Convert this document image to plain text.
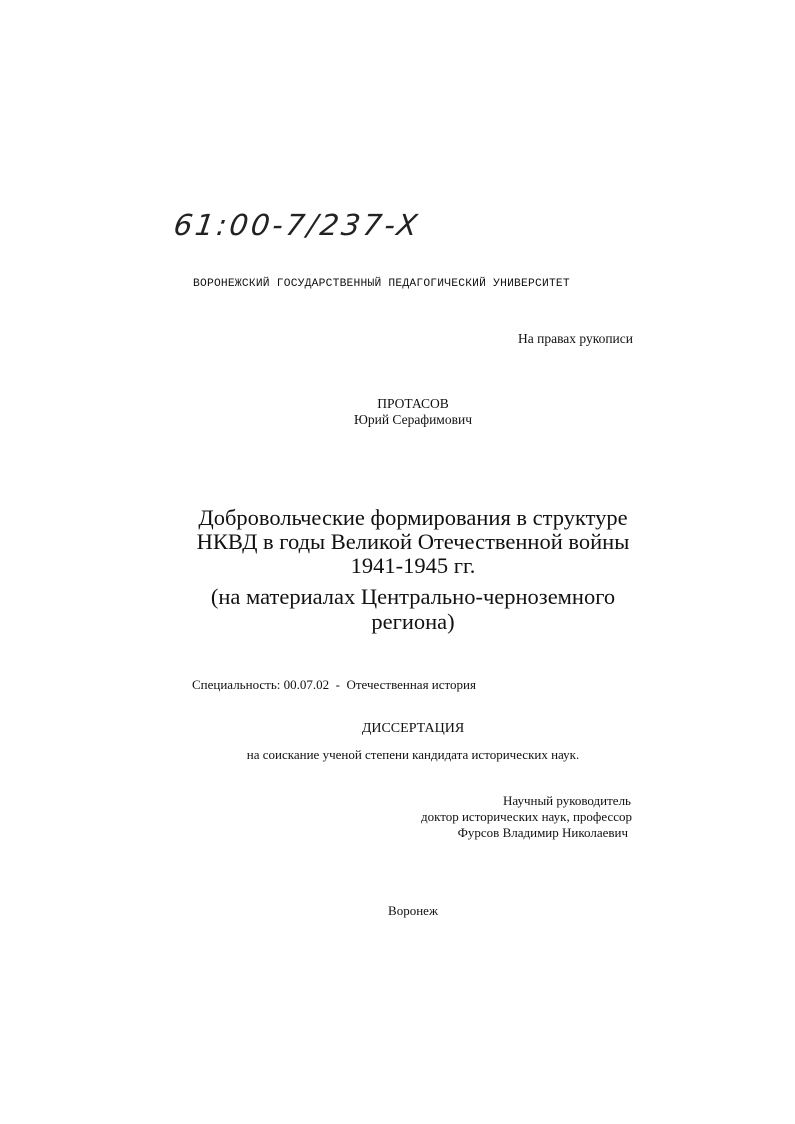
61:00-7/237-X
ВОРОНЕЖСКИЙ ГОСУДАРСТВЕННЫЙ ПЕДАГОГИЧЕСКИЙ УНИВЕРСИТЕТ
На правах рукописи
ПРОТАСОВ
Юрий Серафимович
Добровольческие формирования в структуре
НКВД в годы Великой Отечественной войны
1941-1945 гг.
(на материалах Центрально-черноземного
региона)
Специальность: 00.07.02  -  Отечественная история
ДИССЕРТАЦИЯ
на соискание ученой степени кандидата исторических наук.
Научный руководитель
доктор исторических наук, профессор
Фурсов Владимир Николаевич
Воронеж
